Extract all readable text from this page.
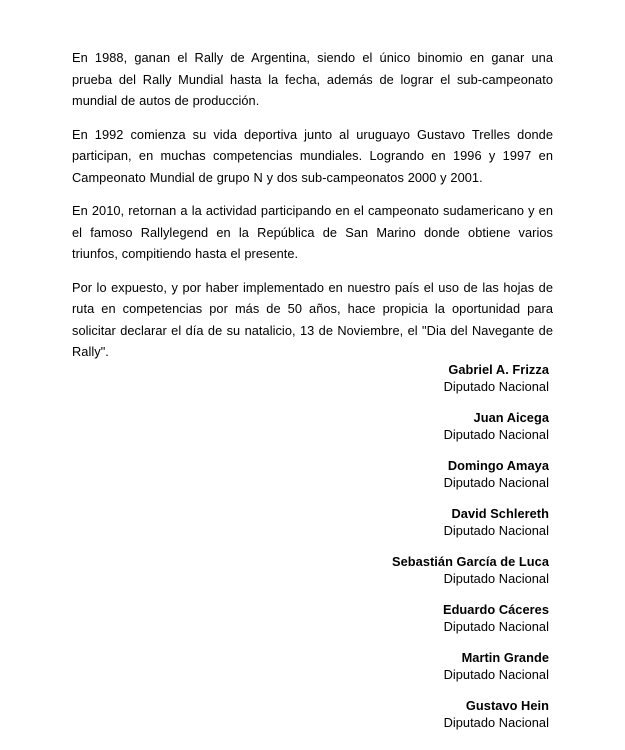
En 1988, ganan el Rally de Argentina, siendo el único binomio en ganar una prueba del Rally Mundial hasta la fecha, además de lograr el sub-campeonato mundial de autos de producción.

En 1992 comienza su vida deportiva junto al uruguayo Gustavo Trelles donde participan, en muchas competencias mundiales. Logrando en 1996 y 1997 en Campeonato Mundial de grupo N y dos sub-campeonatos 2000 y 2001.

En 2010, retornan a la actividad participando en el campeonato sudamericano y en el famoso Rallylegend en la República de San Marino donde obtiene varios triunfos, compitiendo hasta el presente.

Por lo expuesto, y por haber implementado en nuestro país el uso de las hojas de ruta en competencias por más de 50 años, hace propicia la oportunidad para solicitar declarar el día de su natalicio, 13 de Noviembre, el "Dia del Navegante de Rally".

Gabriel A. Frizza
Diputado Nacional
Juan Aicega
Diputado Nacional
Domingo Amaya
Diputado Nacional
David Schlereth
Diputado Nacional
Sebastián García de Luca
Diputado Nacional
Eduardo Cáceres
Diputado Nacional
Martin Grande
Diputado Nacional
Gustavo Hein
Diputado Nacional
